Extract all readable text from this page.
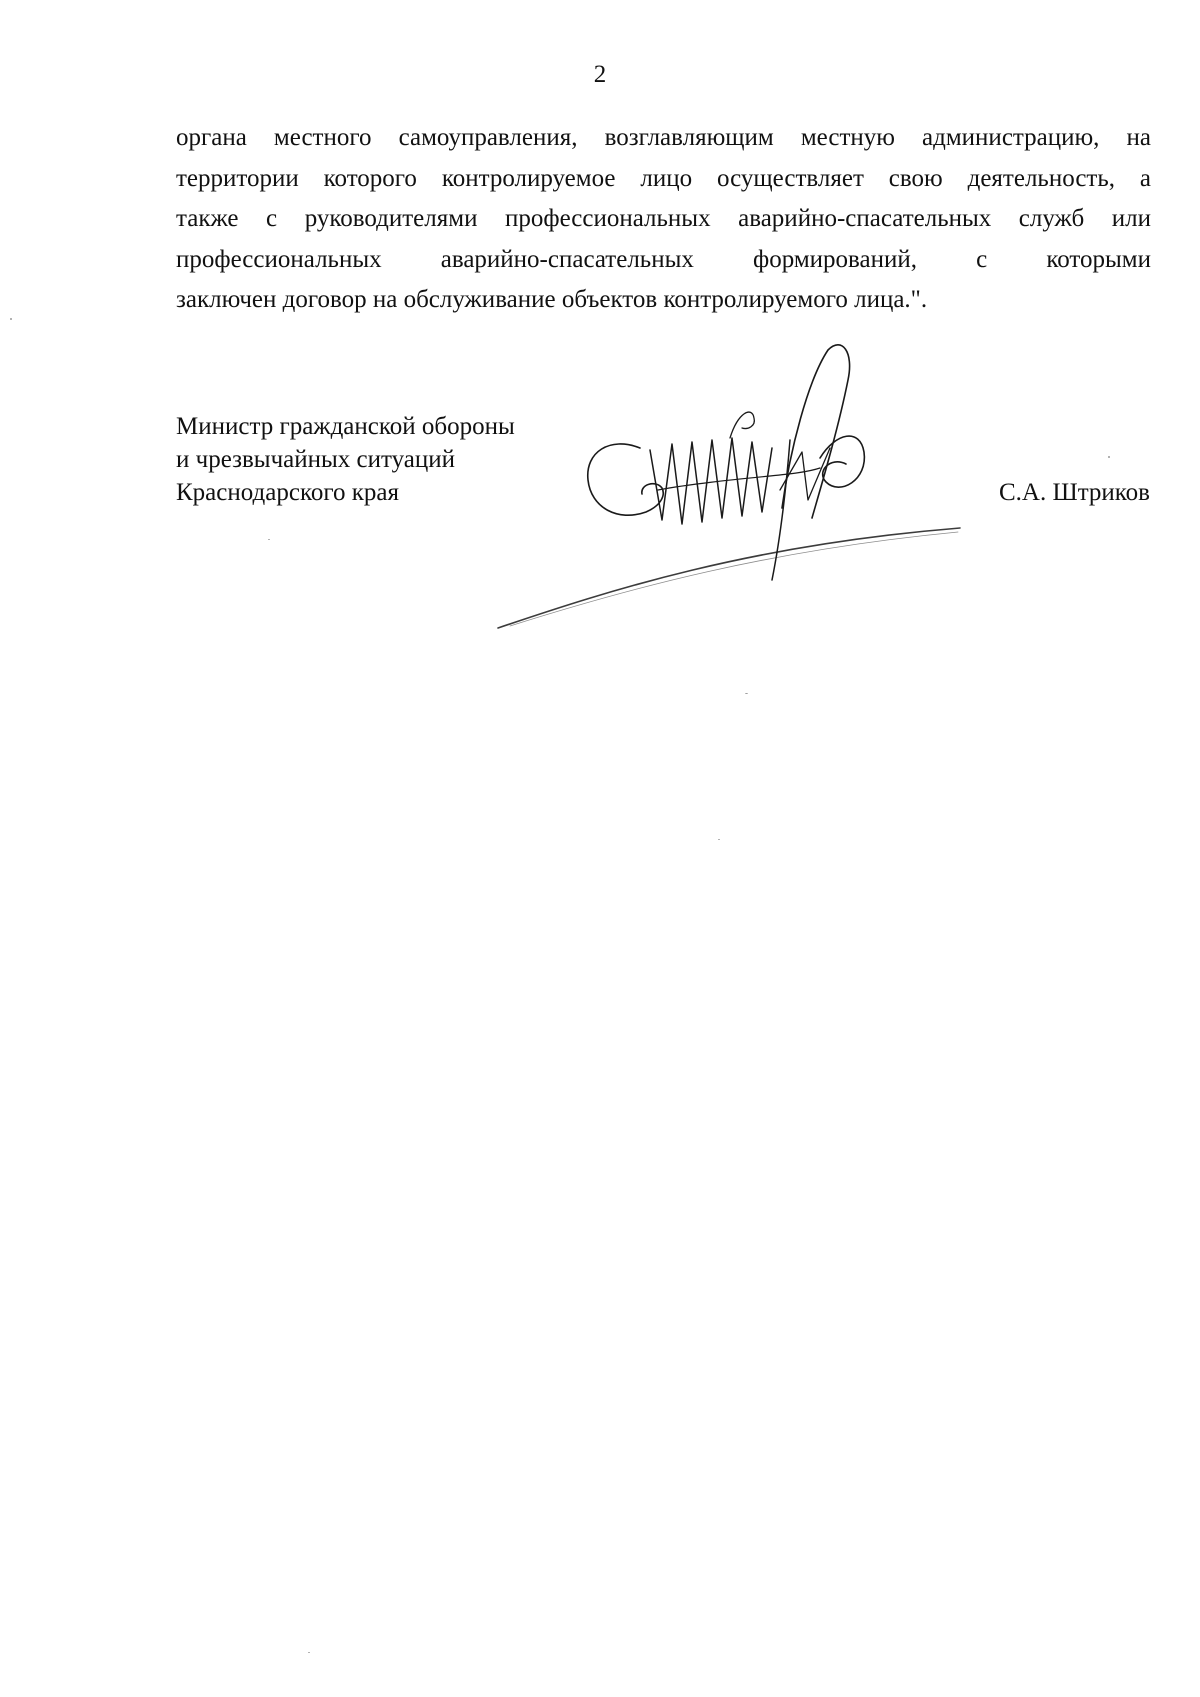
2
органа местного самоуправления, возглавляющим местную администрацию, на
территории которого контролируемое лицо осуществляет свою деятельность, а
также с руководителями профессиональных аварийно-спасательных служб или
профессиональных аварийно-спасательных формирований, с которыми
заключен договор на обслуживание объектов контролируемого лица.".
Министр гражданской обороны
и чрезвычайных ситуаций
Краснодарского края	С.А. Штриков
